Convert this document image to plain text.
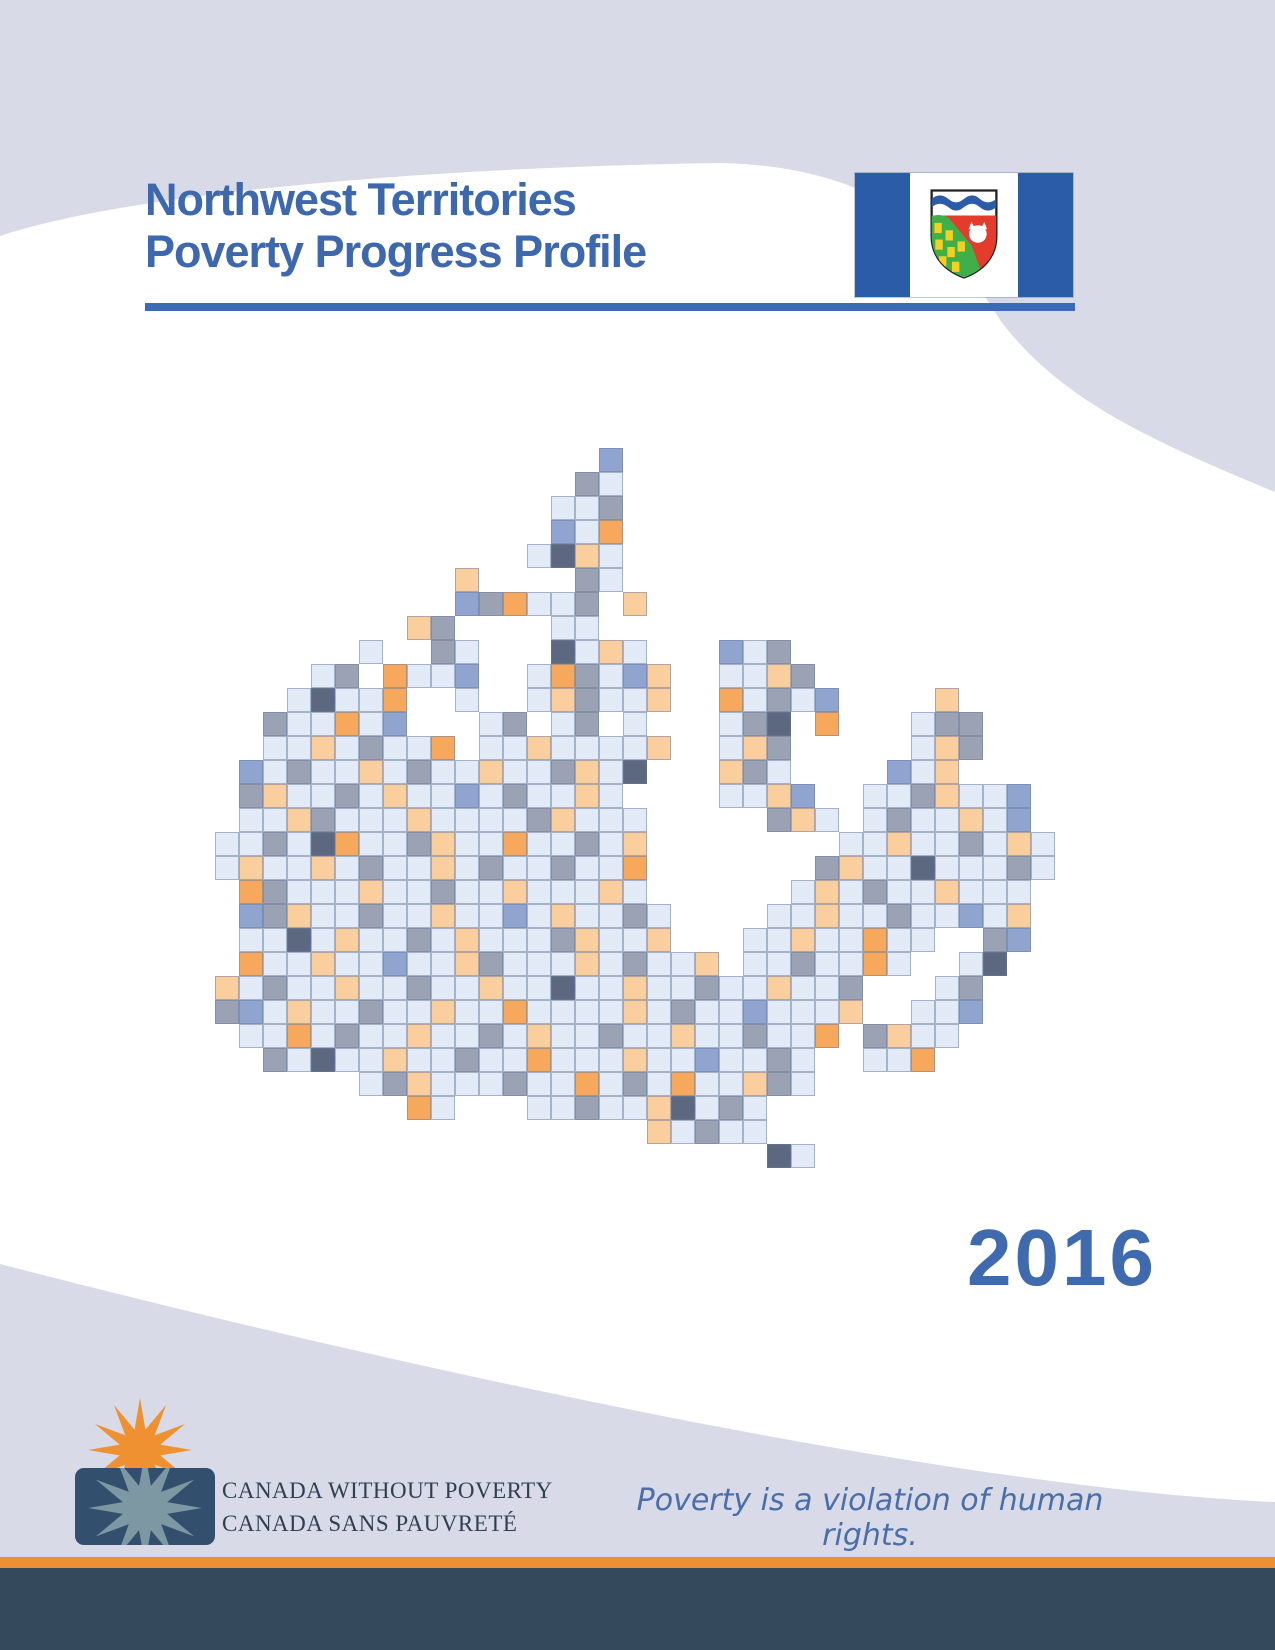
Northwest Territories
Poverty Progress Profile
2016
CANADA WITHOUT POVERTY
CANADA SANS PAUVRETÉ
Poverty is a violation of human rights.
